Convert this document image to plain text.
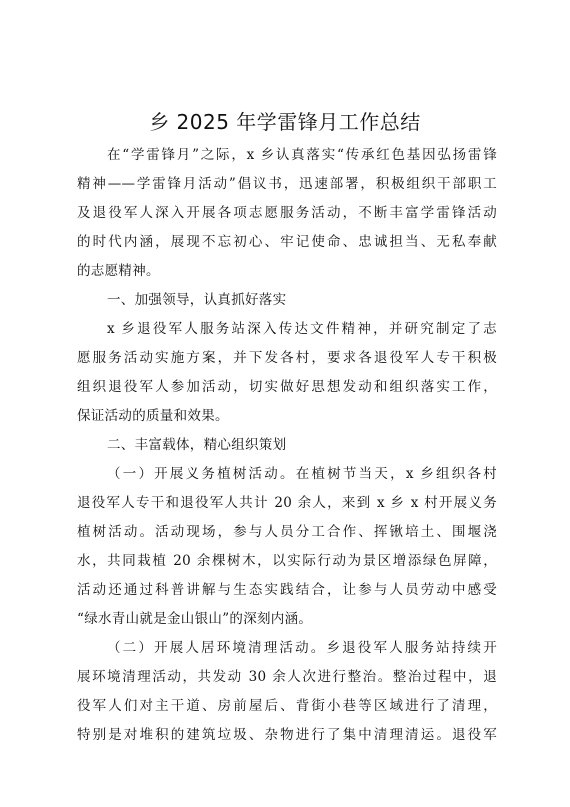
乡 2025 年学雷锋月工作总结
在“学雷锋月”之际，x 乡认真落实“传承红色基因弘扬雷锋
精神——学雷锋月活动”倡议书，迅速部署，积极组织干部职工
及退役军人深入开展各项志愿服务活动，不断丰富学雷锋活动
的时代内涵，展现不忘初心、牢记使命、忠诚担当、无私奉献
的志愿精神。
一、加强领导，认真抓好落实
x 乡退役军人服务站深入传达文件精神，并研究制定了志
愿服务活动实施方案，并下发各村，要求各退役军人专干积极
组织退役军人参加活动，切实做好思想发动和组织落实工作，
保证活动的质量和效果。
二、丰富载体，精心组织策划
（一）开展义务植树活动。在植树节当天，x 乡组织各村
退役军人专干和退役军人共计 20 余人，来到 x 乡 x 村开展义务
植树活动。活动现场，参与人员分工合作、挥锹培土、围堰浇
水，共同栽植 20 余棵树木，以实际行动为景区增添绿色屏障，
活动还通过科普讲解与生态实践结合，让参与人员劳动中感受
“绿水青山就是金山银山”的深刻内涵。
（二）开展人居环境清理活动。乡退役军人服务站持续开
展环境清理活动，共发动 30 余人次进行整治。整治过程中，退
役军人们对主干道、房前屋后、背街小巷等区域进行了清理，
特别是对堆积的建筑垃圾、杂物进行了集中清理清运。退役军
